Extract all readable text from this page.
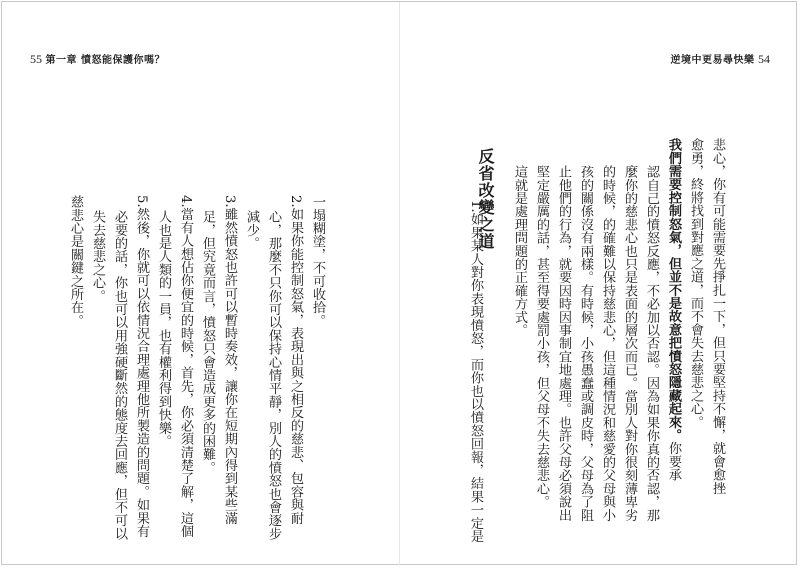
55 第一章 憤怒能保護你嗎？	逆境中更易尋快樂 54
悲心，你有可能需要先掙扎一下，但只要堅持不懈，就會愈挫
愈勇，終將找到對應之道，而不會失去慈悲之心。
我們需要控制怒氣，但並不是故意把憤怒隱藏起來。你要承
認自己的憤怒反應，不必加以否認。因為如果你真的否認，那
麼你的慈悲心也只是表面的層次而已。當別人對你很刻薄卑劣
的時候，的確難以保持慈悲心，但這種情況和慈愛的父母與小
孩的關係沒有兩樣。有時候，小孩愚蠢或調皮時，父母為了阻
止他們的行為，就要因時因事制宜地處理。也許父母必須說出
堅定嚴厲的話，甚至得要處罰小孩，但父母不失去慈悲心。
這就是處理問題的正確方式。
反省改變之道
1.如果某人對你表現憤怒，而你也以憤怒回報，結果一定是
一塌糊塗，不可收拾。
2.如果你能控制怒氣，表現出與之相反的慈悲、包容與耐
心，那麼不只你可以保持心情平靜，別人的憤怒也會逐步
減少。
3.雖然憤怒也許可以暫時奏效，讓你在短期內得到某些滿
足，但究竟而言，憤怒只會造成更多的困難。
4.當有人想佔你便宜的時候，首先，你必須清楚了解，這個
人也是人類的一員，也有權利得到快樂。
5.然後，你就可以依情況合理處理他所製造的問題。如果有
必要的話，你也可以用強硬斷然的態度去回應，但不可以
失去慈悲之心。
慈悲心是關鍵之所在。
